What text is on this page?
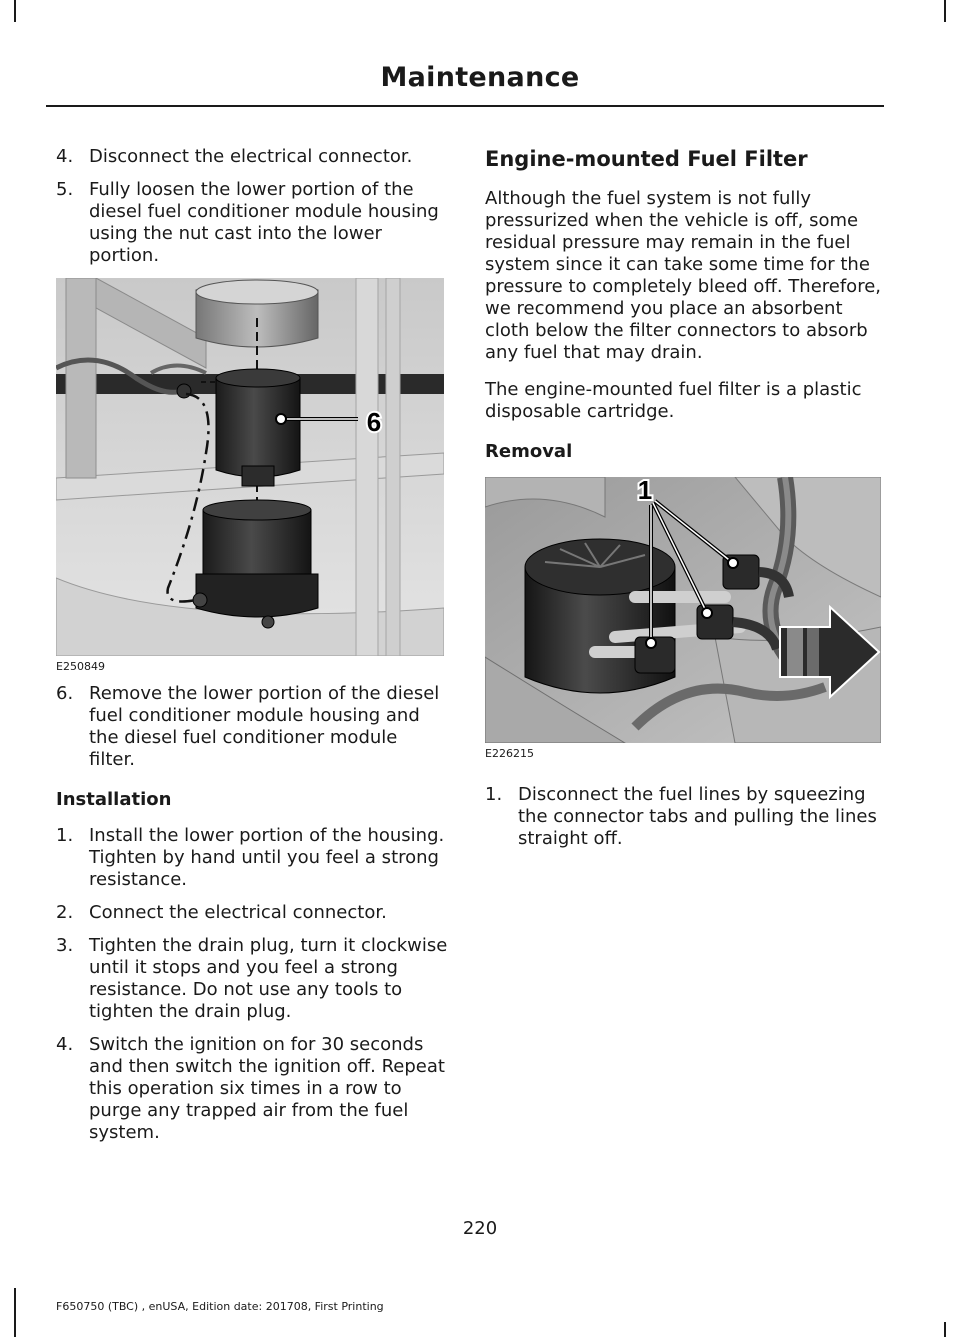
Maintenance
4. Disconnect the electrical connector.
5. Fully loosen the lower portion of the diesel fuel conditioner module housing using the nut cast into the lower portion.
6
E250849
6. Remove the lower portion of the diesel fuel conditioner module housing and the diesel fuel conditioner module filter.
Installation
1. Install the lower portion of the housing. Tighten by hand until you feel a strong resistance.
2. Connect the electrical connector.
3. Tighten the drain plug, turn it clockwise until it stops and you feel a strong resistance. Do not use any tools to tighten the drain plug.
4. Switch the ignition on for 30 seconds and then switch the ignition off. Repeat this operation six times in a row to purge any trapped air from the fuel system.
Engine-mounted Fuel Filter

Although the fuel system is not fully pressurized when the vehicle is off, some residual pressure may remain in the fuel system since it can take some time for the pressure to completely bleed off. Therefore, we recommend you place an absorbent cloth below the filter connectors to absorb any fuel that may drain.

The engine-mounted fuel filter is a plastic disposable cartridge.

Removal
1
E226215
1. Disconnect the fuel lines by squeezing the connector tabs and pulling the lines straight off.
220
F650750 (TBC) , enUSA, Edition date: 201708, First Printing
